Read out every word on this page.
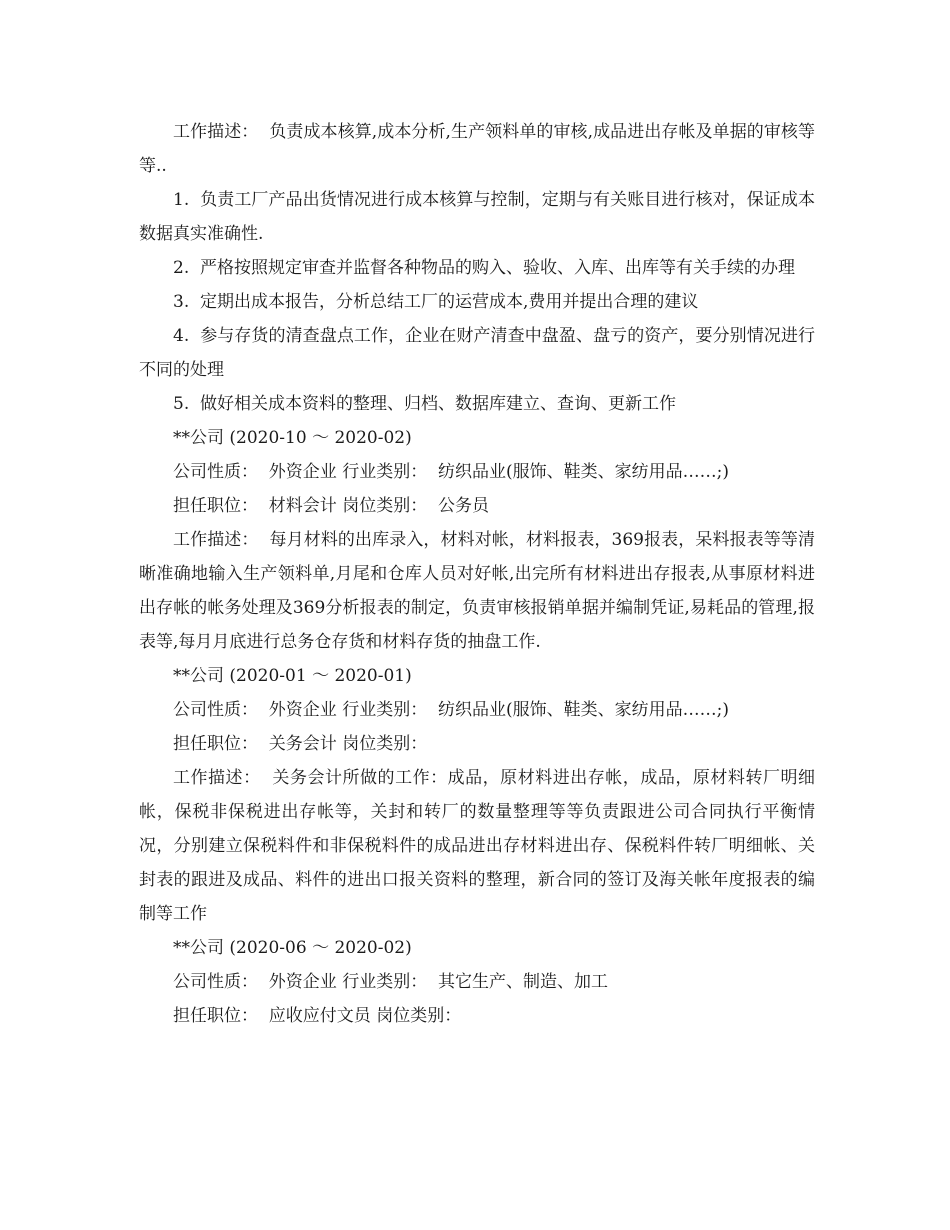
工作描述：  负责成本核算,成本分析,生产领料单的审核,成品进出存帐及单据的审核等等..

1.  负责工厂产品出货情况进行成本核算与控制，定期与有关账目进行核对，保证成本数据真实准确性.

2.  严格按照规定审查并监督各种物品的购入、验收、入库、出库等有关手续的办理

3.  定期出成本报告，分析总结工厂的运营成本,费用并提出合理的建议

4.  参与存货的清查盘点工作，企业在财产清查中盘盈、盘亏的资产，要分别情况进行不同的处理

5.  做好相关成本资料的整理、归档、数据库建立、查询、更新工作

**公司 (2020-10 ～ 2020-02)

公司性质：  外资企业 行业类别：  纺织品业(服饰、鞋类、家纺用品……;)

担任职位：  材料会计 岗位类别：  公务员

工作描述：  每月材料的出库录入，材料对帐，材料报表，369报表，呆料报表等等清晰准确地输入生产领料单,月尾和仓库人员对好帐,出完所有材料进出存报表,从事原材料进出存帐的帐务处理及369分析报表的制定，负责审核报销单据并编制凭证,易耗品的管理,报表等,每月月底进行总务仓存货和材料存货的抽盘工作.

**公司 (2020-01 ～ 2020-01)

公司性质：  外资企业 行业类别：  纺织品业(服饰、鞋类、家纺用品……;)

担任职位：  关务会计 岗位类别：

工作描述：  关务会计所做的工作：成品，原材料进出存帐，成品，原材料转厂明细帐，保税非保税进出存帐等，关封和转厂的数量整理等等负责跟进公司合同执行平衡情况，分别建立保税料件和非保税料件的成品进出存材料进出存、保税料件转厂明细帐、关封表的跟进及成品、料件的进出口报关资料的整理，新合同的签订及海关帐年度报表的编制等工作

**公司 (2020-06 ～ 2020-02)

公司性质：  外资企业 行业类别：  其它生产、制造、加工

担任职位：  应收应付文员 岗位类别：
